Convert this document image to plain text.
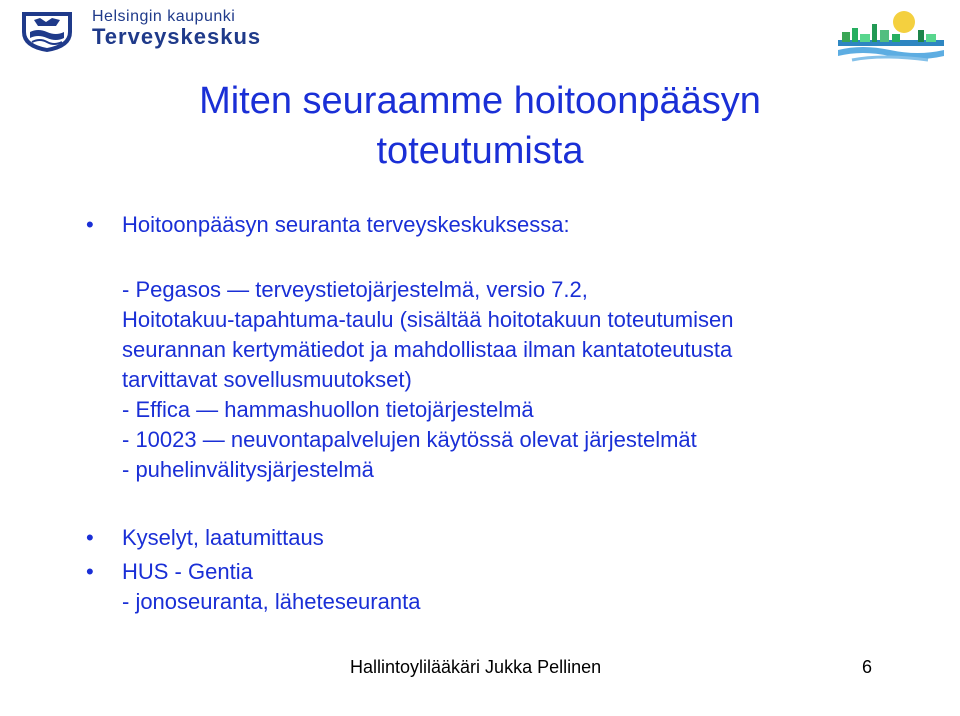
Helsingin kaupunki
Terveyskeskus
Miten seuraamme hoitoonpääsyn
toteutumista
• Hoitoonpääsyn seuranta terveyskeskuksessa:
- Pegasos — terveystietojärjestelmä, versio 7.2,
Hoitotakuu-tapahtuma-taulu (sisältää hoitotakuun toteutumisen
seurannan kertymätiedot ja mahdollistaa ilman kantatoteutusta
tarvittavat sovellusmuutokset)
- Effica — hammashuollon tietojärjestelmä
- 10023 — neuvontapalvelujen käytössä olevat järjestelmät
- puhelinvälitysjärjestelmä
• Kyselyt, laatumittaus
• HUS - Gentia
- jonoseuranta, läheteseuranta
Hallintoylilääkäri Jukka Pellinen	6
